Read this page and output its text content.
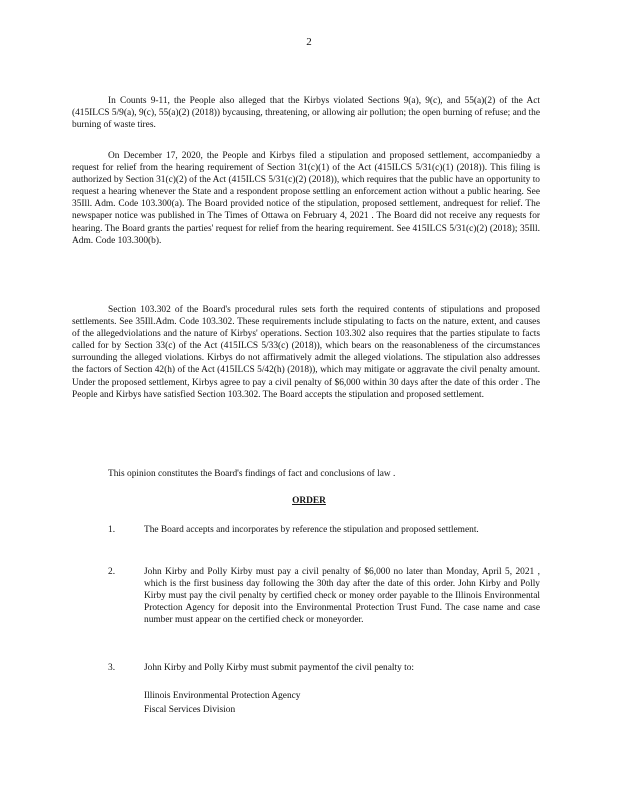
2

In Counts 9-11, the People also alleged that the Kirbys violated Sections 9(a), 9(c), and 55(a)(2) of the Act (415ILCS 5/9(a), 9(c), 55(a)(2) (2018)) bycausing, threatening, or allowing air pollution; the open burning of refuse; and the burning of waste tires.

On December 17, 2020, the People and Kirbys filed a stipulation and proposed settlement, accompaniedby a request for relief from the hearing requirement of Section 31(c)(1) of the Act (415ILCS 5/31(c)(1) (2018)). This filing is authorized by Section 31(c)(2) of the Act (415ILCS 5/31(c)(2) (2018)), which requires that the public have an opportunity to request a hearing whenever the State and a respondent propose settling an enforcement action without a public hearing. See 35Ill. Adm. Code 103.300(a). The Board provided notice of the stipulation, proposed settlement, andrequest for relief. The newspaper notice was published in The Times of Ottawa on February 4, 2021 . The Board did not receive any requests for hearing. The Board grants the parties' request for relief from the hearing requirement. See 415ILCS 5/31(c)(2) (2018); 35Ill. Adm. Code 103.300(b).

Section 103.302 of the Board's procedural rules sets forth the required contents of stipulations and proposed settlements. See 35Ill.Adm. Code 103.302. These requirements include stipulating to facts on the nature, extent, and causes of the allegedviolations and the nature of Kirbys' operations. Section 103.302 also requires that the parties stipulate to facts called for by Section 33(c) of the Act (415ILCS 5/33(c) (2018)), which bears on the reasonableness of the circumstances surrounding the alleged violations. Kirbys do not affirmatively admit the alleged violations. The stipulation also addresses the factors of Section 42(h) of the Act (415ILCS 5/42(h) (2018)), which may mitigate or aggravate the civil penalty amount. Under the proposed settlement, Kirbys agree to pay a civil penalty of $6,000 within 30 days after the date of this order . The People and Kirbys have satisfied Section 103.302. The Board accepts the stipulation and proposed settlement.

This opinion constitutes the Board's findings of fact and conclusions of law .

ORDER
1.	The Board accepts and incorporates by reference the stipulation and proposed settlement.

2.	John Kirby and Polly Kirby must pay a civil penalty of $6,000 no later than Monday, April 5, 2021 , which is the first business day following the 30th day after the date of this order. John Kirby and Polly Kirby must pay the civil penalty by certified check or money order payable to the Illinois Environmental Protection Agency for deposit into the Environmental Protection Trust Fund. The case name and case number must appear on the certified check or moneyorder.

3.	John Kirby and Polly Kirby must submit paymentof the civil penalty to:

Illinois Environmental Protection Agency
Fiscal Services Division
